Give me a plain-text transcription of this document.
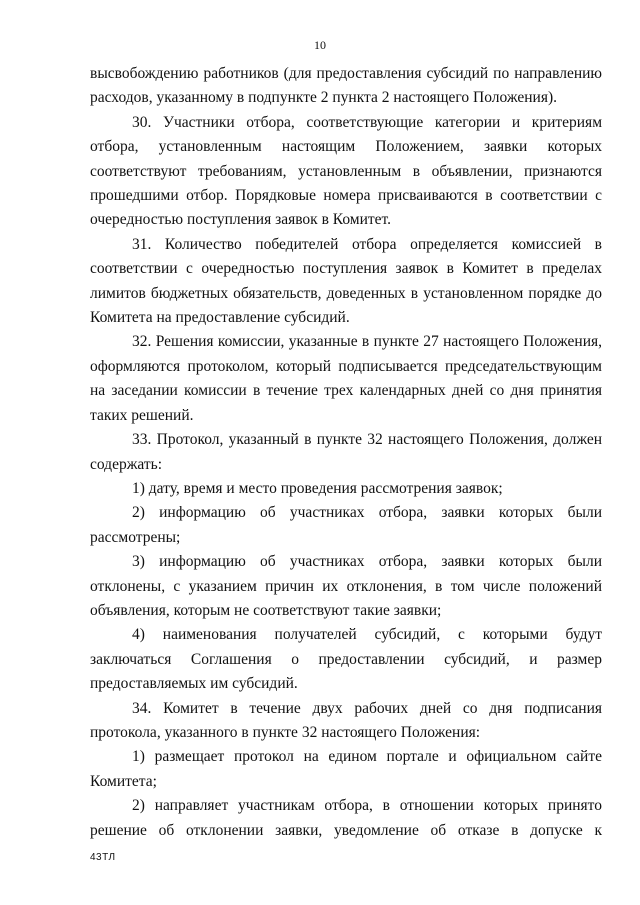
10

высвобождению работников (для предоставления субсидий по направлению расходов, указанному в подпункте 2 пункта 2 настоящего Положения).

30. Участники отбора, соответствующие категории и критериям отбора, установленным настоящим Положением, заявки которых соответствуют требованиям, установленным в объявлении, признаются прошедшими отбор. Порядковые номера присваиваются в соответствии с очередностью поступления заявок в Комитет.

31. Количество победителей отбора определяется комиссией в соответствии с очередностью поступления заявок в Комитет в пределах лимитов бюджетных обязательств, доведенных в установленном порядке до Комитета на предоставление субсидий.

32. Решения комиссии, указанные в пункте 27 настоящего Положения, оформляются протоколом, который подписывается председательствующим на заседании комиссии в течение трех календарных дней со дня принятия таких решений.

33. Протокол, указанный в пункте 32 настоящего Положения, должен содержать:

1) дату, время и место проведения рассмотрения заявок;

2) информацию об участниках отбора, заявки которых были рассмотрены;

3) информацию об участниках отбора, заявки которых были отклонены, с указанием причин их отклонения, в том числе положений объявления, которым не соответствуют такие заявки;

4) наименования получателей субсидий, с которыми будут заключаться Соглашения о предоставлении субсидий, и размер предоставляемых им субсидий.

34. Комитет в течение двух рабочих дней со дня подписания протокола, указанного в пункте 32 настоящего Положения:

1) размещает протокол на едином портале и официальном сайте Комитета;

2) направляет участникам отбора, в отношении которых принято решение об отклонении заявки, уведомление об отказе в допуске к

43ТЛ
